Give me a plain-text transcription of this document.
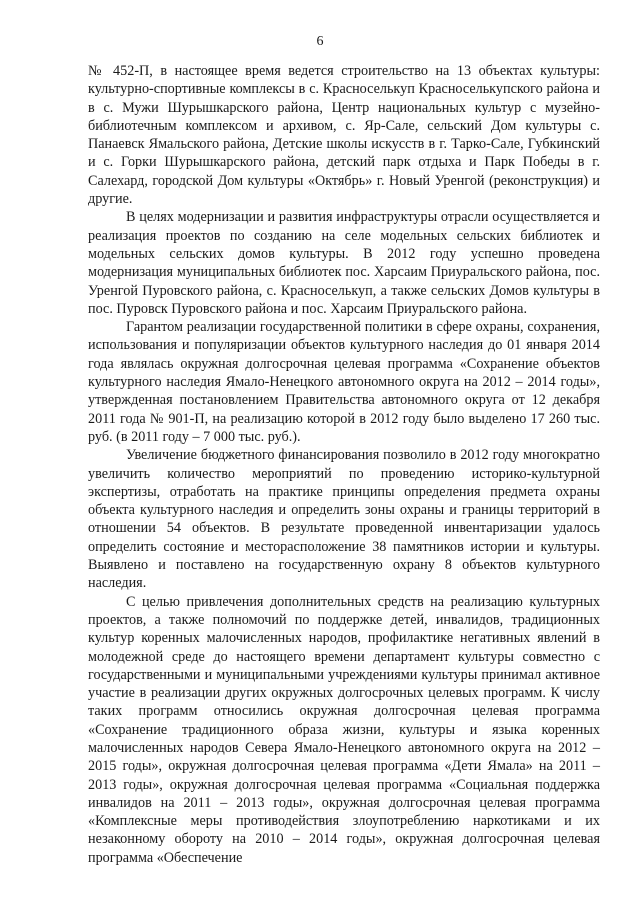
6

№ 452-П, в настоящее время ведется строительство на 13 объектах культуры: культурно-спортивные комплексы в с. Красноселькуп Красноселькупского района и в с. Мужи Шурышкарского района, Центр национальных культур с музейно-библиотечным комплексом и архивом, с. Яр-Сале, сельский Дом культуры с. Панаевск Ямальского района, Детские школы искусств в г. Тарко-Сале, Губкинский и с. Горки Шурышкарского района, детский парк отдыха и Парк Победы в г. Салехард, городской Дом культуры «Октябрь» г. Новый Уренгой (реконструкция) и другие.

В целях модернизации и развития инфраструктуры отрасли осуществляется и реализация проектов по созданию на селе модельных сельских библиотек и модельных сельских домов культуры. В 2012 году успешно проведена модернизация муниципальных библиотек пос. Харсаим Приуральского района, пос. Уренгой Пуровского района, с. Красноселькуп, а также сельских Домов культуры в пос. Пуровск Пуровского района и пос. Харсаим Приуральского района.

Гарантом реализации государственной политики в сфере охраны, сохранения, использования и популяризации объектов культурного наследия до 01 января 2014 года являлась окружная долгосрочная целевая программа «Сохранение объектов культурного наследия Ямало-Ненецкого автономного округа на 2012 – 2014 годы», утвержденная постановлением Правительства автономного округа от 12 декабря 2011 года № 901-П, на реализацию которой в 2012 году было выделено 17 260 тыс. руб. (в 2011 году – 7 000 тыс. руб.).

Увеличение бюджетного финансирования позволило в 2012 году многократно увеличить количество мероприятий по проведению историко-культурной экспертизы, отработать на практике принципы определения предмета охраны объекта культурного наследия и определить зоны охраны и границы территорий в отношении 54 объектов. В результате проведенной инвентаризации удалось определить состояние и месторасположение 38 памятников истории и культуры. Выявлено и поставлено на государственную охрану 8 объектов культурного наследия.

С целью привлечения дополнительных средств на реализацию культурных проектов, а также полномочий по поддержке детей, инвалидов, традиционных культур коренных малочисленных народов, профилактике негативных явлений в молодежной среде до настоящего времени департамент культуры совместно с государственными и муниципальными учреждениями культуры принимал активное участие в реализации других окружных долгосрочных целевых программ. К числу таких программ относились окружная долгосрочная целевая программа «Сохранение традиционного образа жизни, культуры и языка коренных малочисленных народов Севера Ямало-Ненецкого автономного округа на 2012 – 2015 годы», окружная долгосрочная целевая программа «Дети Ямала» на 2011 – 2013 годы», окружная долгосрочная целевая программа «Социальная поддержка инвалидов на 2011 – 2013 годы», окружная долгосрочная целевая программа «Комплексные меры противодействия злоупотреблению наркотиками и их незаконному обороту на 2010 – 2014 годы», окружная долгосрочная целевая программа «Обеспечение
